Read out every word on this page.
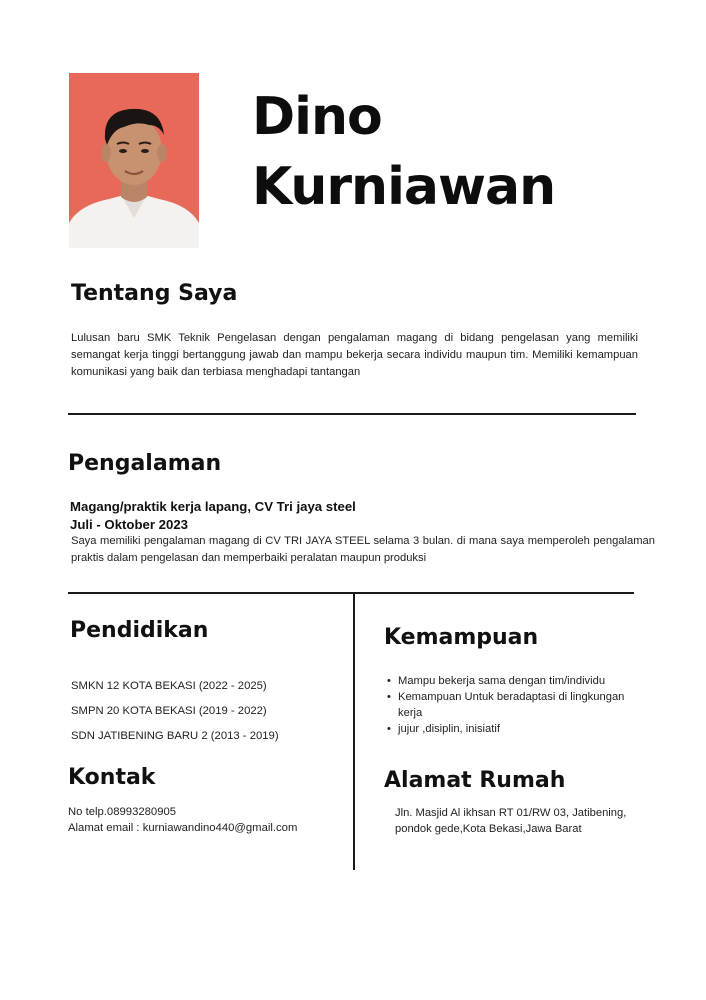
Dino
Kurniawan
Tentang Saya
Lulusan baru SMK Teknik Pengelasan dengan pengalaman magang di bidang pengelasan yang memiliki semangat kerja tinggi bertanggung jawab dan mampu bekerja secara individu maupun tim. Memiliki kemampuan komunikasi yang baik dan terbiasa menghadapi tantangan
Pengalaman
Magang/praktik kerja lapang, CV Tri jaya steel
Juli - Oktober 2023
Saya memiliki pengalaman magang di CV TRI JAYA STEEL selama 3 bulan. di mana saya memperoleh pengalaman praktis dalam pengelasan dan memperbaiki peralatan maupun produksi
Pendidikan
SMKN 12 KOTA BEKASI (2022 - 2025)
SMPN 20 KOTA BEKASI (2019 - 2022)
SDN JATIBENING BARU 2 (2013 - 2019)
Kemampuan
• Mampu bekerja sama dengan tim/individu
• Kemampuan Untuk beradaptasi di lingkungan kerja
• jujur ,disiplin, inisiatif
Kontak
No telp.08993280905
Alamat email : kurniawandino440@gmail.com
Alamat Rumah
Jln. Masjid Al ikhsan RT 01/RW 03, Jatibening, pondok gede,Kota Bekasi,Jawa Barat
